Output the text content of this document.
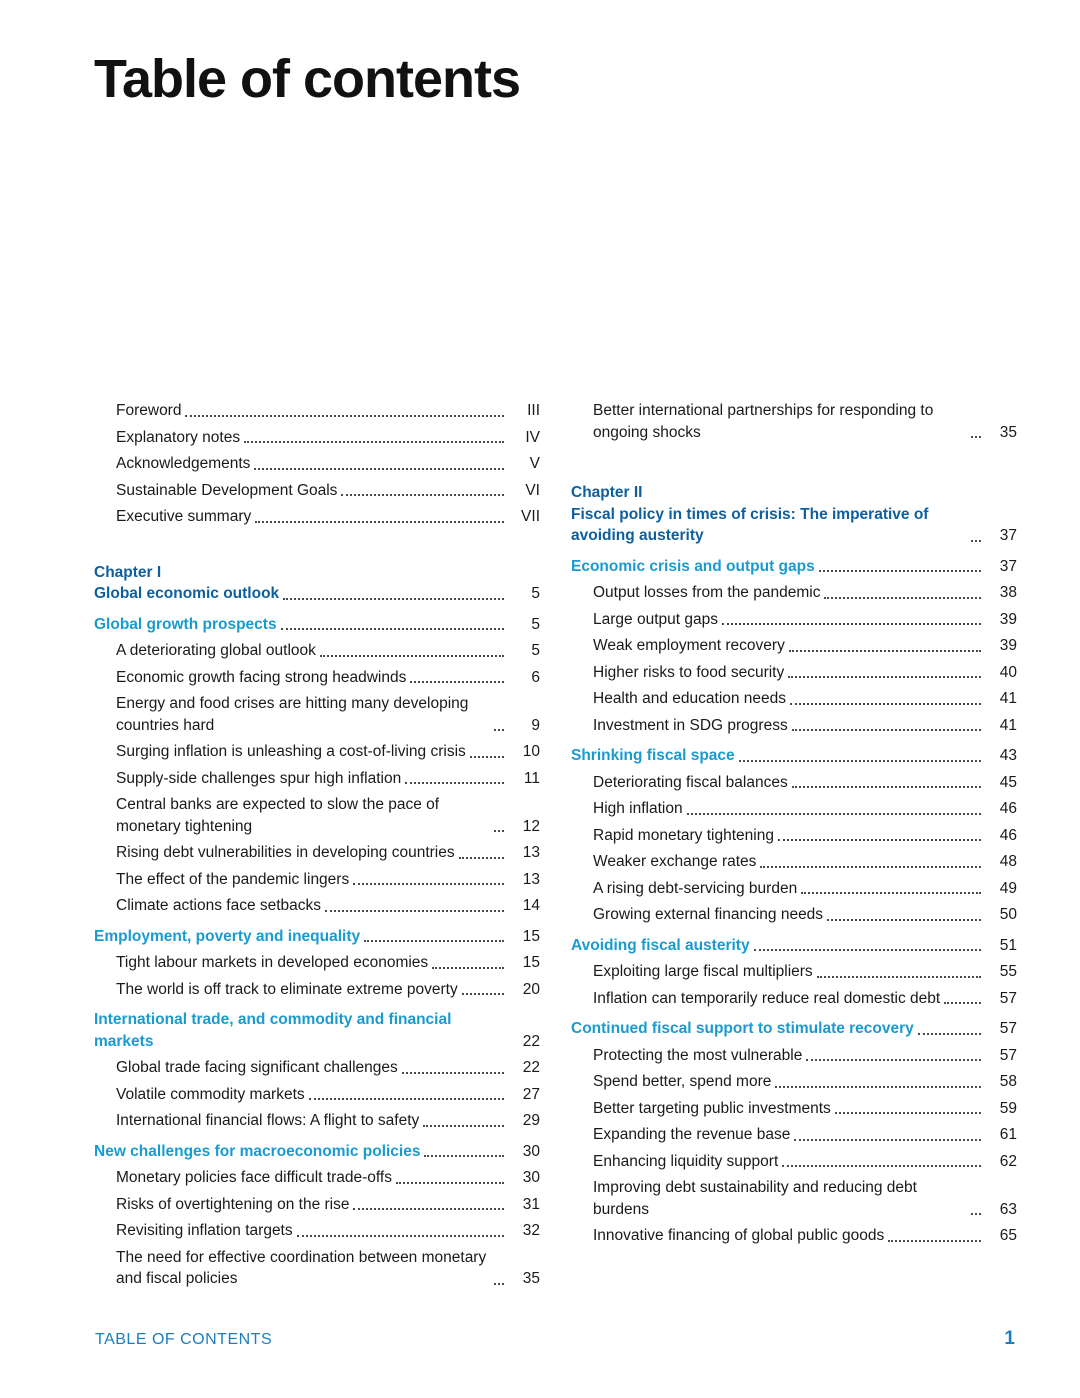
Table of contents
Foreword	III
Explanatory notes	IV
Acknowledgements	V
Sustainable Development Goals	VI
Executive summary	VII
Chapter I
Global economic outlook	5
Global growth prospects	5
A deteriorating global outlook	5
Economic growth facing strong headwinds	6
Energy and food crises are hitting many developing countries hard	9
Surging inflation is unleashing a cost-of-living crisis	10
Supply-side challenges spur high inflation	11
Central banks are expected to slow the pace of monetary tightening	12
Rising debt vulnerabilities in developing countries	13
The effect of the pandemic lingers	13
Climate actions face setbacks	14
Employment, poverty and inequality	15
Tight labour markets in developed economies	15
The world is off track to eliminate extreme poverty	20
International trade, and commodity and financial markets	22
Global trade facing significant challenges	22
Volatile commodity markets	27
International financial flows: A flight to safety	29
New challenges for macroeconomic policies	30
Monetary policies face difficult trade-offs	30
Risks of overtightening on the rise	31
Revisiting inflation targets	32
The need for effective coordination between monetary and fiscal policies	35
Better international partnerships for responding to ongoing shocks	35
Chapter II
Fiscal policy in times of crisis: The imperative of avoiding austerity	37
Economic crisis and output gaps	37
Output losses from the pandemic	38
Large output gaps	39
Weak employment recovery	39
Higher risks to food security	40
Health and education needs	41
Investment in SDG progress	41
Shrinking fiscal space	43
Deteriorating fiscal balances	45
High inflation	46
Rapid monetary tightening	46
Weaker exchange rates	48
A rising debt-servicing burden	49
Growing external financing needs	50
Avoiding fiscal austerity	51
Exploiting large fiscal multipliers	55
Inflation can temporarily reduce real domestic debt	57
Continued fiscal support to stimulate recovery	57
Protecting the most vulnerable	57
Spend better, spend more	58
Better targeting public investments	59
Expanding the revenue base	61
Enhancing liquidity support	62
Improving debt sustainability and reducing debt burdens	63
Innovative financing of global public goods	65
TABLE OF CONTENTS	1
